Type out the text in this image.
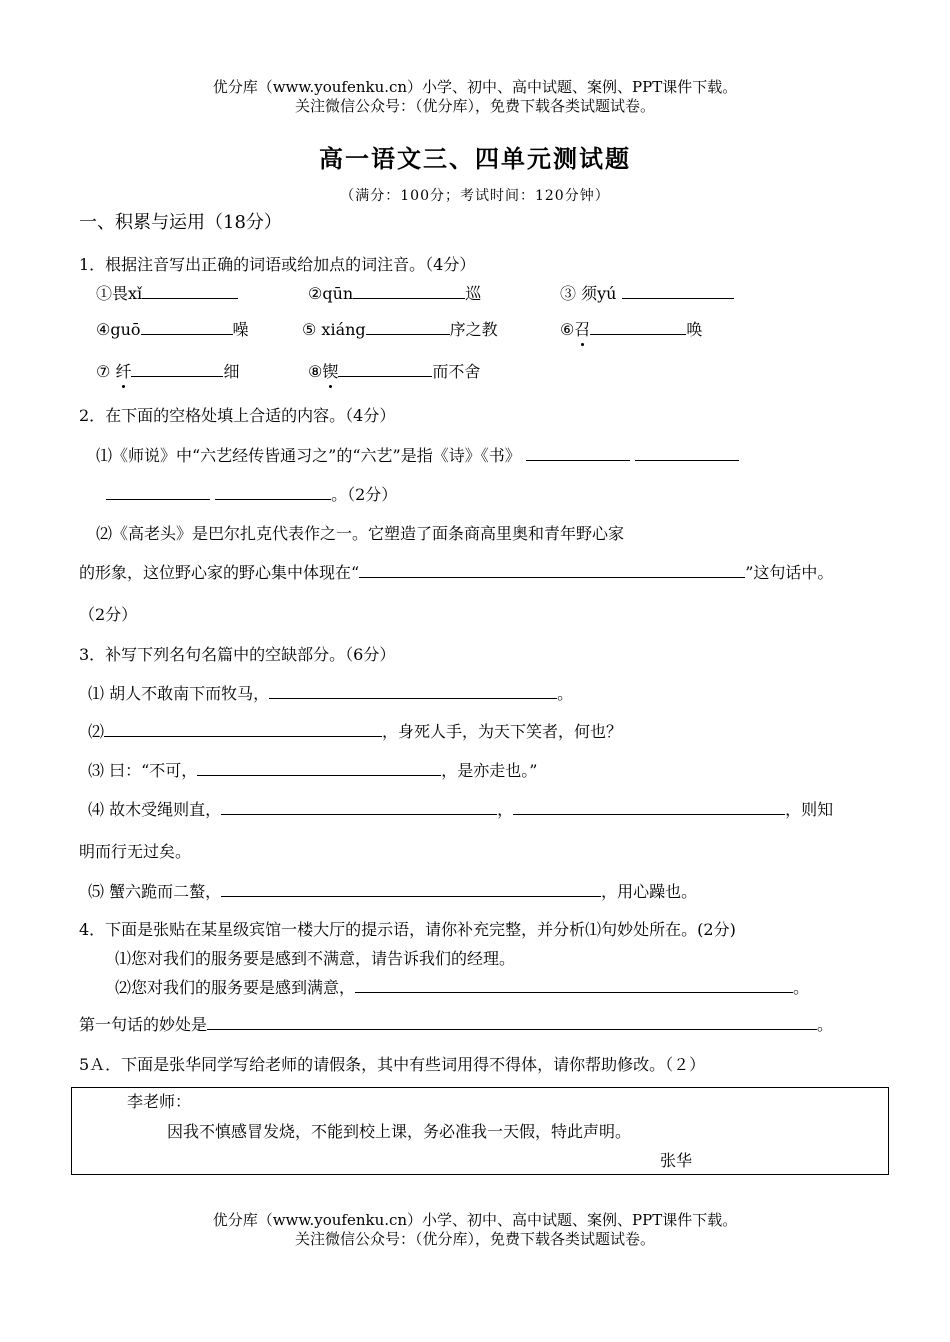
优分库（www.youfenku.cn）小学、初中、高中试题、案例、PPT课件下载。
关注微信公众号：（优分库），免费下载各类试题试卷。
高一语文三、四单元测试题
（满分：100分；考试时间：120分钟）
一、积累与运用（18分）
1．根据注音写出正确的词语或给加点的词注音。（4分）
①畏xǐ	②qūn	巡	③ 须yú
④guō	噪	⑤ xiáng	序之教	⑥召	唤
⑦ 纤	细	⑧锲	而不舍
2．在下面的空格处填上合适的内容。（4分）
⑴《师说》中“六艺经传皆通习之”的“六艺”是指《诗》《书》
。（2分）
⑵《高老头》是巴尔扎克代表作之一。它塑造了面条商高里奥和青年野心家
的形象，这位野心家的野心集中体现在“	”这句话中。
（2分）
3．补写下列名句名篇中的空缺部分。（6分）
⑴ 胡人不敢南下而牧马，	。
⑵	，身死人手，为天下笑者，何也？
⑶ 曰：“不可，	，是亦走也。”
⑷ 故木受绳则直，	，	，则知
明而行无过矣。
⑸ 蟹六跪而二螯，	，用心躁也。
4．下面是张贴在某星级宾馆一楼大厅的提示语，请你补充完整，并分析⑴句妙处所在。(2分)
⑴您对我们的服务要是感到不满意，请告诉我们的经理。
⑵您对我们的服务要是感到满意，	。
第一句话的妙处是	。
5Ａ．下面是张华同学写给老师的请假条，其中有些词用得不得体，请你帮助修改。（２）
李老师：
因我不慎感冒发烧，不能到校上课，务必准我一天假，特此声明。
张华
优分库（www.youfenku.cn）小学、初中、高中试题、案例、PPT课件下载。
关注微信公众号：（优分库），免费下载各类试题试卷。
